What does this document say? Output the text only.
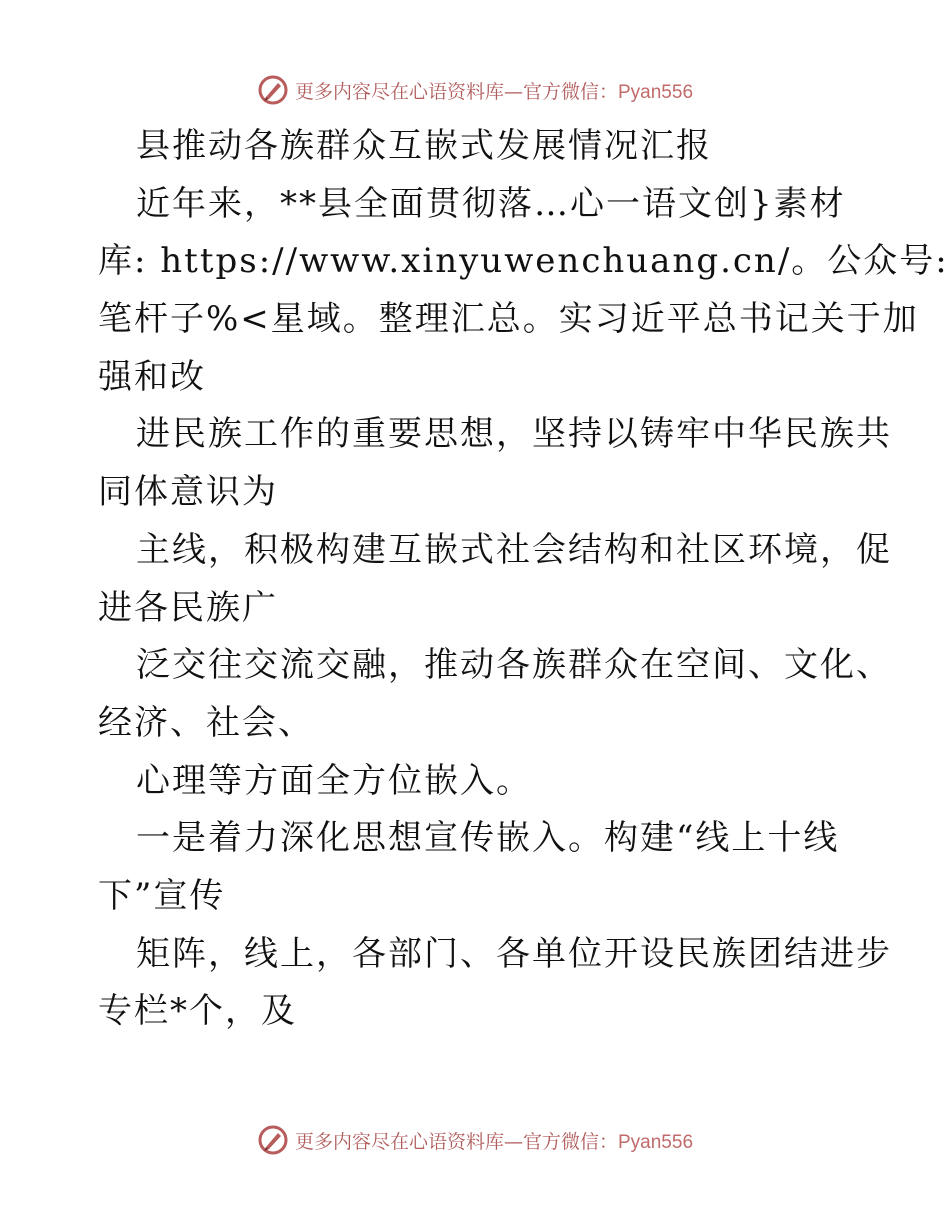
更多内容尽在心语资料库—官方微信：Pyan556
县推动各族群众互嵌式发展情况汇报
近年来，**县全面贯彻落…心一语文创}素材
库: https://www.xinyuwenchuang.cn/。公众号:
笔杆子%<星域。整理汇总。实习近平总书记关于加
强和改
进民族工作的重要思想，坚持以铸牢中华民族共
同体意识为
主线，积极构建互嵌式社会结构和社区环境，促
进各民族广
泛交往交流交融，推动各族群众在空间、文化、
经济、社会、
心理等方面全方位嵌入。
一是着力深化思想宣传嵌入。构建“线上十线
下”宣传
矩阵，线上，各部门、各单位开设民族团结进步
专栏*个，及
更多内容尽在心语资料库—官方微信：Pyan556
